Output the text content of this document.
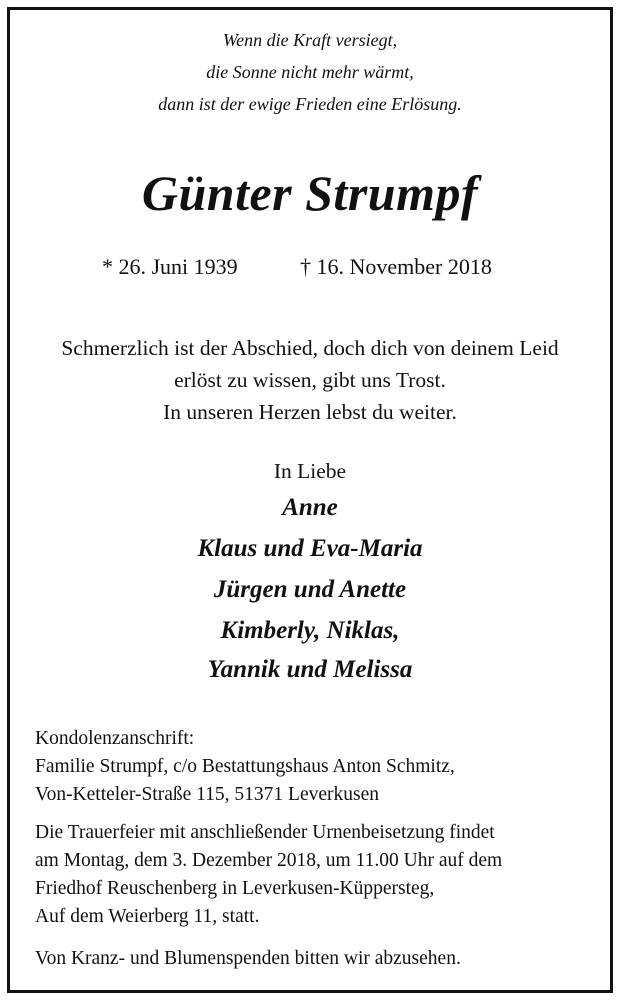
Wenn die Kraft versiegt,
die Sonne nicht mehr wärmt,
dann ist der ewige Frieden eine Erlösung.
Günter Strumpf
* 26. Juni 1939	† 16. November 2018
Schmerzlich ist der Abschied, doch dich von deinem Leid
erlöst zu wissen, gibt uns Trost.
In unseren Herzen lebst du weiter.
In Liebe
Anne
Klaus und Eva-Maria
Jürgen und Anette
Kimberly, Niklas,
Yannik und Melissa
Kondolenzanschrift:
Familie Strumpf, c/o Bestattungshaus Anton Schmitz,
Von-Ketteler-Straße 115, 51371 Leverkusen
Die Trauerfeier mit anschließender Urnenbeisetzung findet
am Montag, dem 3. Dezember 2018, um 11.00 Uhr auf dem
Friedhof Reuschenberg in Leverkusen-Küppersteg,
Auf dem Weierberg 11, statt.
Von Kranz- und Blumenspenden bitten wir abzusehen.
